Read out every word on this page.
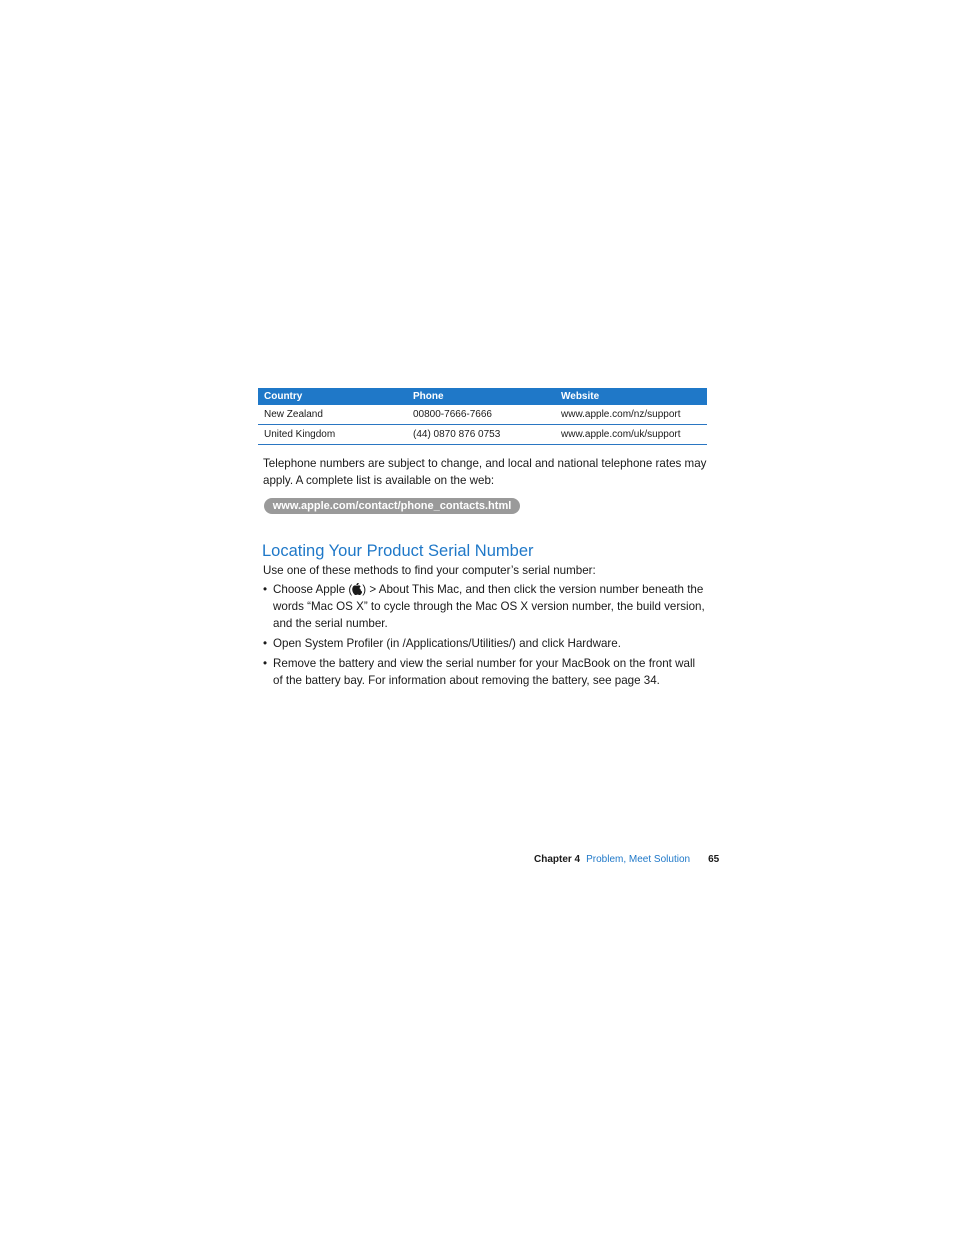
Country	Phone	Website
New Zealand	00800-7666-7666	www.apple.com/nz/support
United Kingdom	(44) 0870 876 0753	www.apple.com/uk/support

Telephone numbers are subject to change, and local and national telephone rates may
apply. A complete list is available on the web:

www.apple.com/contact/phone_contacts.html
Locating Your Product Serial Number

Use one of these methods to find your computer’s serial number:

• Choose Apple ( ) > About This Mac, and then click the version number beneath the
words “Mac OS X” to cycle through the Mac OS X version number, the build version,
and the serial number.
• Open System Profiler (in /Applications/Utilities/) and click Hardware.
• Remove the battery and view the serial number for your MacBook on the front wall
of the battery bay. For information about removing the battery, see page 34.
Chapter 4 Problem, Meet Solution 65
